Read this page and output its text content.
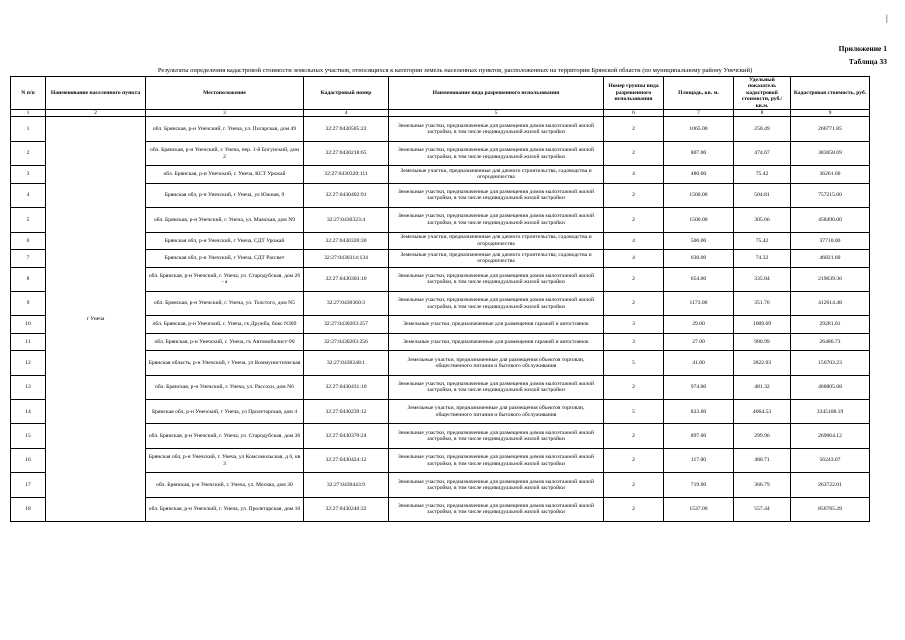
|
Приложение 1
Таблица 33
Результаты определения кадастровой стоимости земельных участков, относящихся к категории земель населенных пунктов, расположенных на территории Брянской области (по муниципальному району Унечский)
N п/п	Наименование населенного пункта	Местоположение	Кадастровый номер	Наименование вида разрешенного использования	Номер группы вида разрешенного использования	Площадь, кв. м.	Удельный показатель кадастровой стоимости, руб./кв.м.	Кадастровая стоимость, руб.
1	2	3	4	5	6	7	8	9
1	г Унеча	обл. Брянская, р-н Унечский, г. Унеча, ул. Погарская, дом 49	32:27:0430505:22	Земельные участки, предназначенные для размещения домов малоэтажной жилой застройки, в том числе индивидуальной жилой застройки	2	1065.00	250.49	266771.85
2		обл. Брянская, р-н Унечский, г. Унеча, пер. 1-й Богунский, дом 2	32:27:0430218:65	Земельные участки, предназначенные для размещения домов малоэтажной жилой застройки, в том числе индивидуальной жилой застройки	2	807.00	474.67	383058.69
3		обл. Брянская, р-н Унечский, г. Унеча, КСТ Урожай	32:27:0430320:111	Земельные участки, предназначенные для дачного строительства, садоводства и огородничества	4	480.00	75.42	36201.60
4		Брянская обл, р-н Унечский, г Унеча, ул Южная, 9	32:27:0430402:91	Земельные участки, предназначенные для размещения домов малоэтажной жилой застройки, в том числе индивидуальной жилой застройки	2	1500.00	504.81	757215.00
5		обл. Брянская, р-н Унечский, г. Унеча, ул. Мамская, дом N9	32:27:0430323:4	Земельные участки, предназначенные для размещения домов малоэтажной жилой застройки, в том числе индивидуальной жилой застройки	2	1500.00	305.66	458490.00
6		Брянская обл, р-н Унечский, г Унеча, СДТ Урожай	32:27:0430320:30	Земельные участки, предназначенные для дачного строительства, садоводства и огородничества	4	500.00	75.42	37710.00
7		Брянская обл, р-н Унечский, г Унеча, СДТ Рассвет	32:27:0430314:134	Земельные участки, предназначенные для дачного строительства, садоводства и огородничества	4	630.00	74.32	46821.60
8		обл. Брянская, р-н Унечский, г. Унеча, ул. Стародубская, дом 26 - а	32:27:0430303:10	Земельные участки, предназначенные для размещения домов малоэтажной жилой застройки, в том числе индивидуальной жилой застройки	2	654.00	335.84	219639.36
9		обл. Брянская, р-н Унечский, г. Унеча, ул. Толстого, дом N5	32:27:0430360:3	Земельные участки, предназначенные для размещения домов малоэтажной жилой застройки, в том числе индивидуальной жилой застройки	2	1173.00	351.76	412614.48
10		обл. Брянская, р-н Унечский, г. Унеча, гк Дружба, бокс N309	32:27:0430203:257	Земельные участки, предназначенные для размещения гаражей и автостоянок	3	29.00	1009.69	29281.01
11		обл. Брянская, р-н Унечский, г. Унеча, гк Автомобилист-90	32:27:0430203:256	Земельные участки, предназначенные для размещения гаражей и автостоянок	3	27.00	980.99	26486.73
12		Брянская область, р-н Унечский, г Унеча, ул Коммунистическая	32:27:0430248:1	Земельные участки, предназначенные для размещения объектов торговли, общественного питания и бытового обслуживания	5	41.00	3822.03	156703.23
13		обл. Брянская, р-н Унечский, г. Унеча, ул. Рассохи, дом N6	32:27:0430431:10	Земельные участки, предназначенные для размещения домов малоэтажной жилой застройки, в том числе индивидуальной жилой застройки	2	974.00	481.32	468805.68
14		Брянская обл, р-н Унечский, г Унеча, ул Пролетарская, дом 4	32:27:0430239:12	Земельные участки, предназначенные для размещения объектов торговли, общественного питания и бытового обслуживания	5	823.00	4064.53	3345108.19
15		обл. Брянская, р-н Унечский, г. Унеча, ул. Стародубская, дом 36	32:27:0430370:24	Земельные участки, предназначенные для размещения домов малоэтажной жилой застройки, в том числе индивидуальной жилой застройки	2	897.00	299.96	269064.12
16		Брянская обл, р-н Унечский, г. Унеча, ул Комсомольская, д 6, кв 3	32:27:0430424:12	Земельные участки, предназначенные для размещения домов малоэтажной жилой застройки, в том числе индивидуальной жилой застройки	2	117.00	480.71	56243.07
17		обл. Брянская, р-н Унечский, г. Унеча, ул. Москва, дом 30	32:27:0430443:9	Земельные участки, предназначенные для размещения домов малоэтажной жилой застройки, в том числе индивидуальной жилой застройки	2	719.00	366.79	263722.01
18		обл. Брянская, р-н Унечский, г. Унеча, ул. Пролетарская, дом 16	32:27:0430240:32	Земельные участки, предназначенные для размещения домов малоэтажной жилой застройки, в том числе индивидуальной жилой застройки	2	1537.00	557.44	856785.28
